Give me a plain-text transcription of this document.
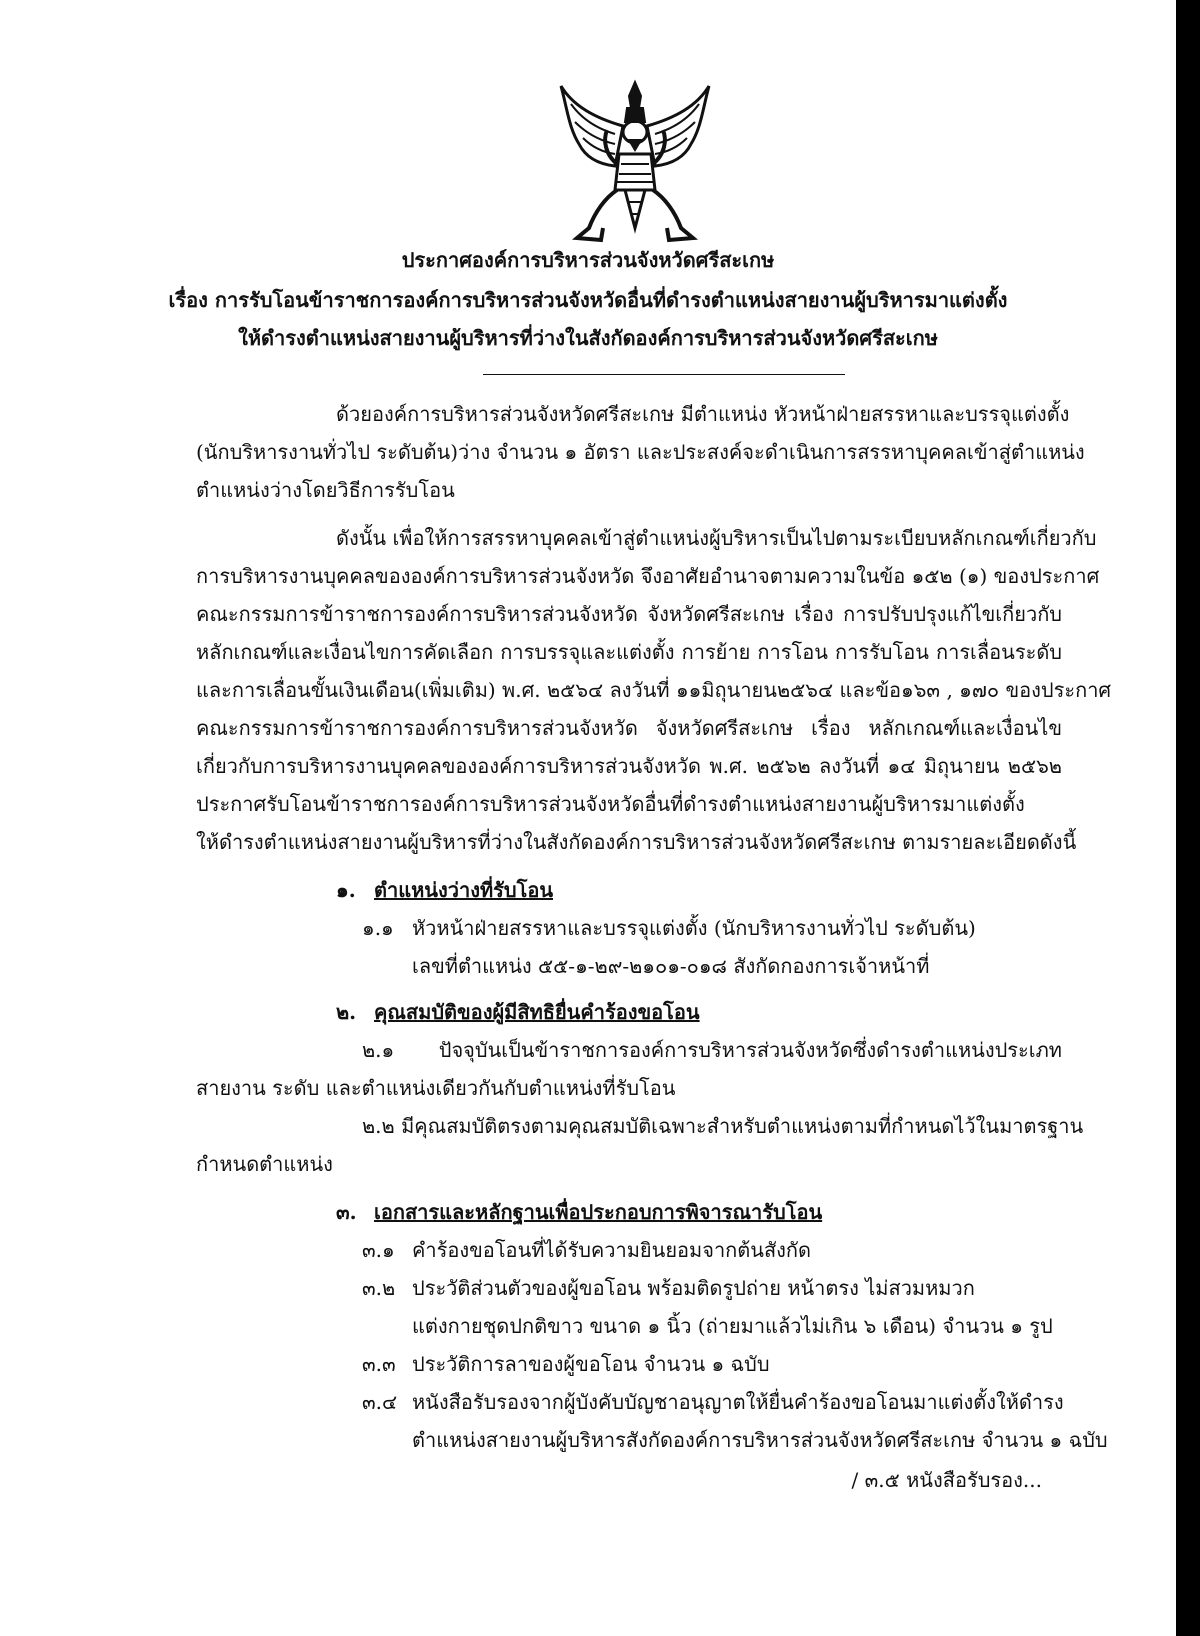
ประกาศองค์การบริหารส่วนจังหวัดศรีสะเกษ
เรื่อง การรับโอนข้าราชการองค์การบริหารส่วนจังหวัดอื่นที่ดำรงตำแหน่งสายงานผู้บริหารมาแต่งตั้ง
ให้ดำรงตำแหน่งสายงานผู้บริหารที่ว่างในสังกัดองค์การบริหารส่วนจังหวัดศรีสะเกษ
ด้วยองค์การบริหารส่วนจังหวัดศรีสะเกษ มีตำแหน่ง หัวหน้าฝ่ายสรรหาและบรรจุแต่งตั้ง
(นักบริหารงานทั่วไป ระดับต้น)ว่าง จำนวน ๑ อัตรา และประสงค์จะดำเนินการสรรหาบุคคลเข้าสู่ตำแหน่ง
ตำแหน่งว่างโดยวิธีการรับโอน
ดังนั้น เพื่อให้การสรรหาบุคคลเข้าสู่ตำแหน่งผู้บริหารเป็นไปตามระเบียบหลักเกณฑ์เกี่ยวกับ
การบริหารงานบุคคลขององค์การบริหารส่วนจังหวัด จึงอาศัยอำนาจตามความในข้อ ๑๕๒ (๑) ของประกาศ
คณะกรรมการข้าราชการองค์การบริหารส่วนจังหวัด จังหวัดศรีสะเกษ เรื่อง การปรับปรุงแก้ไขเกี่ยวกับ
หลักเกณฑ์และเงื่อนไขการคัดเลือก การบรรจุและแต่งตั้ง การย้าย การโอน การรับโอน การเลื่อนระดับ
และการเลื่อนขั้นเงินเดือน(เพิ่มเติม) พ.ศ. ๒๕๖๔ ลงวันที่ ๑๑มิถุนายน๒๕๖๔ และข้อ๑๖๓ , ๑๗๐ ของประกาศ
คณะกรรมการข้าราชการองค์การบริหารส่วนจังหวัด จังหวัดศรีสะเกษ เรื่อง หลักเกณฑ์และเงื่อนไข
เกี่ยวกับการบริหารงานบุคคลขององค์การบริหารส่วนจังหวัด พ.ศ. ๒๕๖๒ ลงวันที่ ๑๔ มิถุนายน ๒๕๖๒
ประกาศรับโอนข้าราชการองค์การบริหารส่วนจังหวัดอื่นที่ดำรงตำแหน่งสายงานผู้บริหารมาแต่งตั้ง
ให้ดำรงตำแหน่งสายงานผู้บริหารที่ว่างในสังกัดองค์การบริหารส่วนจังหวัดศรีสะเกษ ตามรายละเอียดดังนี้
๑. ตำแหน่งว่างที่รับโอน
๑.๑ หัวหน้าฝ่ายสรรหาและบรรจุแต่งตั้ง (นักบริหารงานทั่วไป ระดับต้น)
เลขที่ตำแหน่ง ๕๕-๑-๒๙-๒๑๐๑-๐๑๘ สังกัดกองการเจ้าหน้าที่
๒. คุณสมบัติของผู้มีสิทธิยื่นคำร้องขอโอน
๒.๑ ปัจจุบันเป็นข้าราชการองค์การบริหารส่วนจังหวัดซึ่งดำรงตำแหน่งประเภท
สายงาน ระดับ และตำแหน่งเดียวกันกับตำแหน่งที่รับโอน
๒.๒ มีคุณสมบัติตรงตามคุณสมบัติเฉพาะสำหรับตำแหน่งตามที่กำหนดไว้ในมาตรฐาน
กำหนดตำแหน่ง
๓. เอกสารและหลักฐานเพื่อประกอบการพิจารณารับโอน
๓.๑ คำร้องขอโอนที่ได้รับความยินยอมจากต้นสังกัด
๓.๒ ประวัติส่วนตัวของผู้ขอโอน พร้อมติดรูปถ่าย หน้าตรง ไม่สวมหมวก
แต่งกายชุดปกติขาว ขนาด ๑ นิ้ว (ถ่ายมาแล้วไม่เกิน ๖ เดือน) จำนวน ๑ รูป
๓.๓ ประวัติการลาของผู้ขอโอน จำนวน ๑ ฉบับ
๓.๔ หนังสือรับรองจากผู้บังคับบัญชาอนุญาตให้ยื่นคำร้องขอโอนมาแต่งตั้งให้ดำรง
ตำแหน่งสายงานผู้บริหารสังกัดองค์การบริหารส่วนจังหวัดศรีสะเกษ จำนวน ๑ ฉบับ
/ ๓.๕ หนังสือรับรอง...
